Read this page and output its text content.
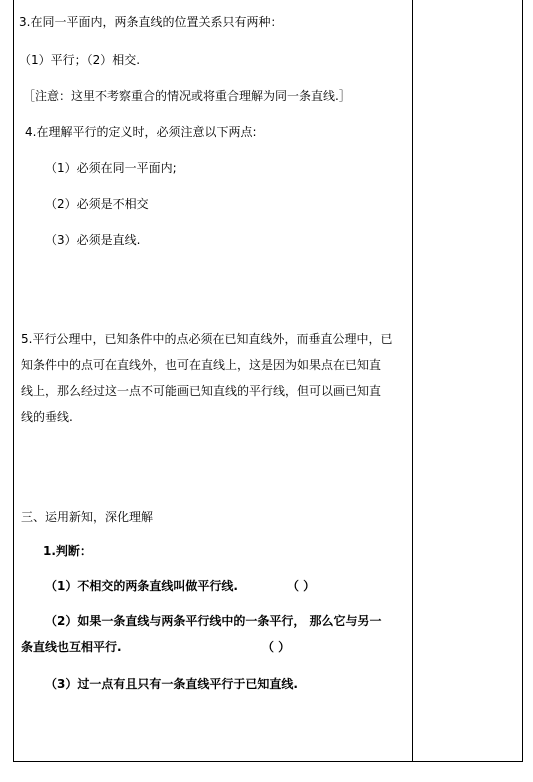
3.在同一平面内，两条直线的位置关系只有两种：
（1）平行；（2）相交.
［注意：这里不考察重合的情况或将重合理解为同一条直线.］
4.在理解平行的定义时，必须注意以下两点:
（1）必须在同一平面内;
（2）必须是不相交
（3）必须是直线.
5.平行公理中，已知条件中的点必须在已知直线外，而垂直公理中，已
知条件中的点可在直线外，也可在直线上，这是因为如果点在已知直
线上，那么经过这一点不可能画已知直线的平行线，但可以画已知直
线的垂线.
三、运用新知，深化理解
1.判断：
（1）不相交的两条直线叫做平行线.	（ ）
（2）如果一条直线与两条平行线中的一条平行， 那么它与另一
条直线也互相平行.	（ ）
（3）过一点有且只有一条直线平行于已知直线.
